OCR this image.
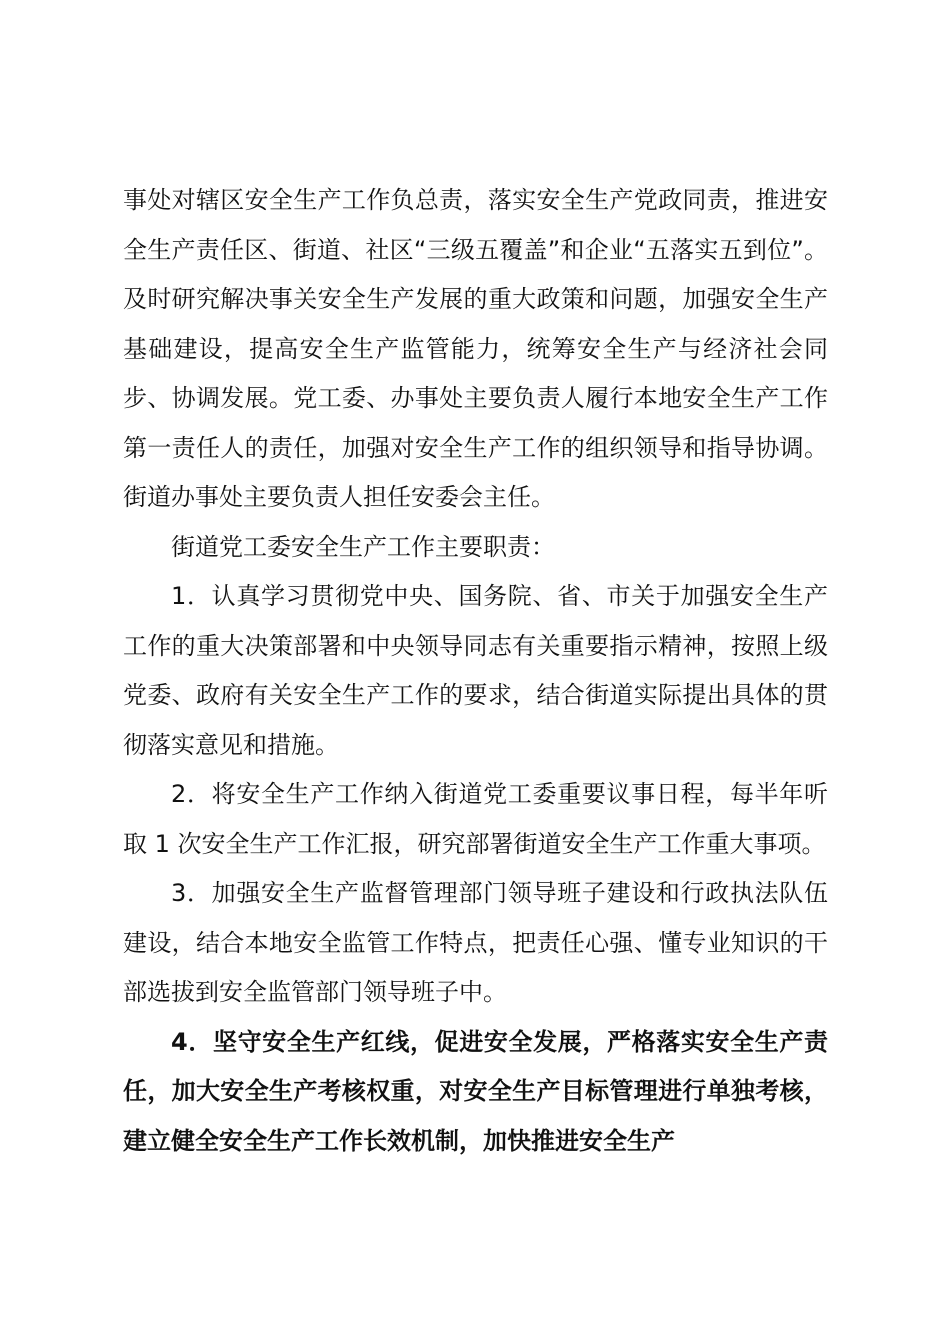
事处对辖区安全生产工作负总责，落实安全生产党政同责，推进安全生产责任区、街道、社区“三级五覆盖”和企业“五落实五到位”。及时研究解决事关安全生产发展的重大政策和问题，加强安全生产基础建设，提高安全生产监管能力，统筹安全生产与经济社会同步、协调发展。党工委、办事处主要负责人履行本地安全生产工作第一责任人的责任，加强对安全生产工作的组织领导和指导协调。街道办事处主要负责人担任安委会主任。

街道党工委安全生产工作主要职责：

1．认真学习贯彻党中央、国务院、省、市关于加强安全生产工作的重大决策部署和中央领导同志有关重要指示精神，按照上级党委、政府有关安全生产工作的要求，结合街道实际提出具体的贯彻落实意见和措施。

2．将安全生产工作纳入街道党工委重要议事日程，每半年听取 1 次安全生产工作汇报，研究部署街道安全生产工作重大事项。

3．加强安全生产监督管理部门领导班子建设和行政执法队伍建设，结合本地安全监管工作特点，把责任心强、懂专业知识的干部选拔到安全监管部门领导班子中。

4．坚守安全生产红线，促进安全发展，严格落实安全生产责任，加大安全生产考核权重，对安全生产目标管理进行单独考核，建立健全安全生产工作长效机制，加快推进安全生产
